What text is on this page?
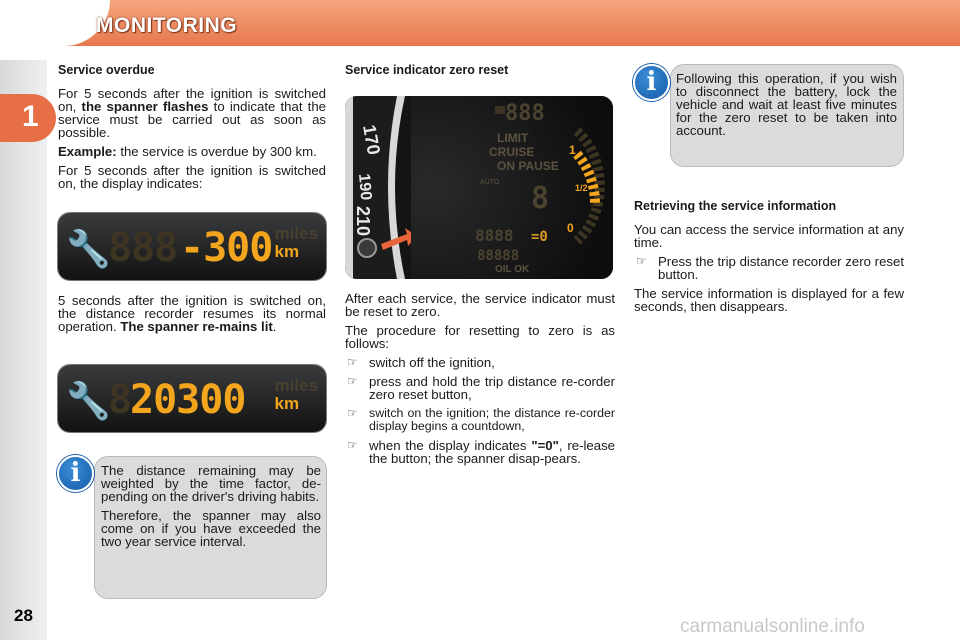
MONITORING
1
28

Service overdue

For 5 seconds after the ignition is switched on, the spanner flashes to indicate that the service must be carried out as soon as possible.

Example: the service is overdue by 300 km.

For 5 seconds after the ignition is switched on, the display indicates:

🔧
888 -300 miles
km

5 seconds after the ignition is switched on, the distance recorder resumes its normal operation. The spanner re-mains lit.

🔧
8
20300 miles
km
i	The distance remaining may be weighted by the time factor, de-pending on the driver's driving habits.

Therefore, the spanner may also come on if you have exceeded the two year service interval.

Service indicator zero reset

170
190
210
888
LIMIT
CRUISE
ON PAUSE
AUTO 8
8888 =0
88888
OIL OK
1
1/2
0

After each service, the service indicator must be reset to zero.

The procedure for resetting to zero is as follows:

☞ switch off the ignition,
☞ press and hold the trip distance re-corder zero reset button,
☞ switch on the ignition; the distance re-corder display begins a countdown,
☞ when the display indicates "=0", re-lease the button; the spanner disap-pears.
i	Following this operation, if you wish to disconnect the battery, lock the vehicle and wait at least five minutes for the zero reset to be taken into account.

Retrieving the service information

You can access the service information at any time.

☞ Press the trip distance recorder zero reset button.

The service information is displayed for a few seconds, then disappears.

carmanualsonline.info
